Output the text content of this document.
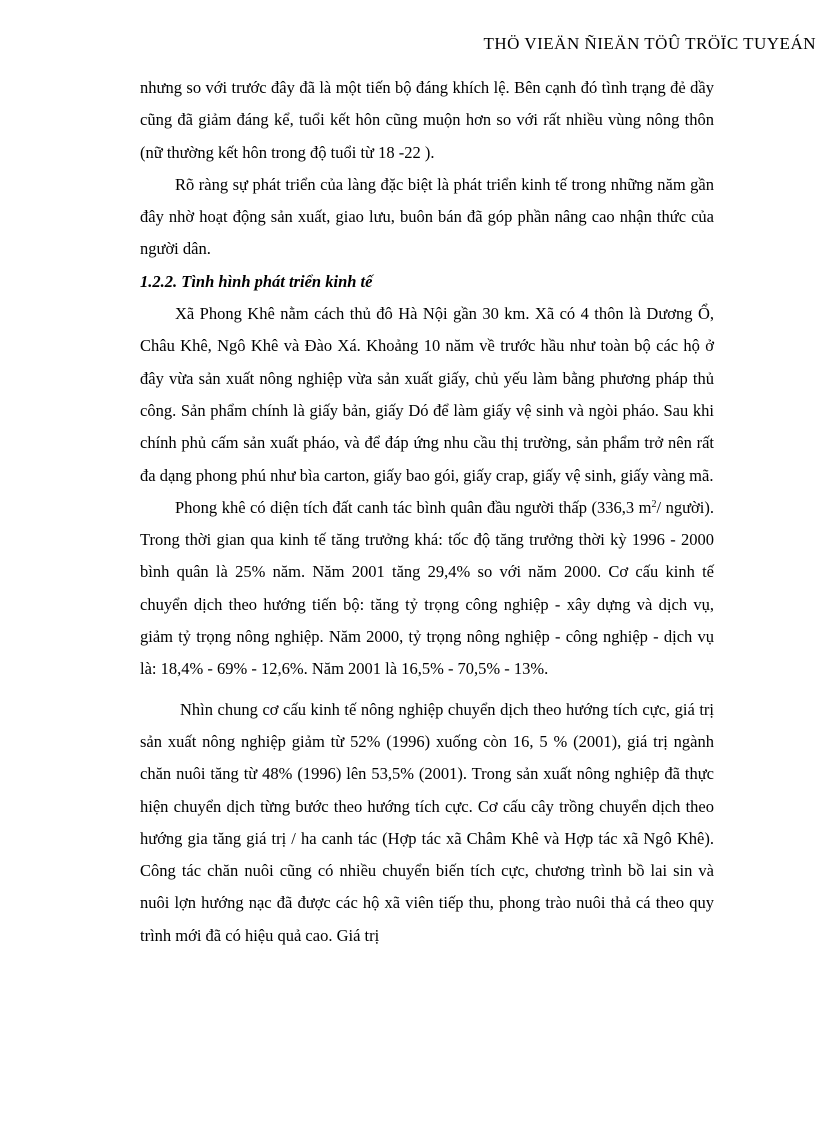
THÖ VIEÄN ÑIEÄN TÖÛ TRÖÏC TUYEÁN

nhưng so với trước đây đã là một tiến bộ đáng khích lệ. Bên cạnh đó tình trạng đẻ dầy cũng đã giảm đáng kể, tuổi kết hôn cũng muộn hơn so với rất nhiều vùng nông thôn (nữ thường kết hôn trong độ tuổi từ 18 -22 ).

Rõ ràng sự phát triển của làng đặc biệt là phát triển kinh tế trong những năm gần đây nhờ hoạt động sản xuất, giao lưu, buôn bán đã góp phần nâng cao nhận thức của người dân.

1.2.2. Tình hình phát triển kinh tế

Xã Phong Khê nằm cách thủ đô Hà Nội gần 30 km. Xã có 4 thôn là Dương Ổ, Châu Khê, Ngô Khê và Đào Xá. Khoảng 10 năm về trước hầu như toàn bộ các hộ ở đây vừa sản xuất nông nghiệp vừa sản xuất giấy, chủ yếu làm bằng phương pháp thủ công. Sản phẩm chính là giấy bản, giấy Dó để làm giấy vệ sinh và ngòi pháo. Sau khi chính phủ cấm sản xuất pháo, và để đáp ứng nhu cầu thị trường, sản phẩm trở nên rất đa dạng phong phú như bìa carton, giấy bao gói, giấy crap, giấy vệ sinh, giấy vàng mã.

Phong khê có diện tích đất canh tác bình quân đầu người thấp (336,3 $m^2/$ người). Trong thời gian qua kinh tế tăng trưởng khá: tốc độ tăng trưởng thời kỳ 1996 - 2000 bình quân là 25% năm. Năm 2001 tăng 29,4% so với năm 2000. Cơ cấu kinh tế chuyển dịch theo hướng tiến bộ: tăng tỷ trọng công nghiệp - xây dựng và dịch vụ, giảm tỷ trọng nông nghiệp. Năm 2000, tỷ trọng nông nghiệp - công nghiệp - dịch vụ là: 18,4% - 69% - 12,6%. Năm 2001 là 16,5% - 70,5% - 13%.

Nhìn chung cơ cấu kinh tế nông nghiệp chuyển dịch theo hướng tích cực, giá trị sản xuất nông nghiệp giảm từ 52% (1996) xuống còn 16, 5 % (2001), giá trị ngành chăn nuôi tăng từ 48% (1996) lên 53,5% (2001). Trong sản xuất nông nghiệp đã thực hiện chuyển dịch từng bước theo hướng tích cực. Cơ cấu cây trồng chuyển dịch theo hướng gia tăng giá trị / ha canh tác (Hợp tác xã Châm Khê và Hợp tác xã Ngô Khê). Công tác chăn nuôi cũng có nhiều chuyển biến tích cực, chương trình bồ lai sin và nuôi lợn hướng nạc đã được các hộ xã viên tiếp thu, phong trào nuôi thả cá theo quy trình mới đã có hiệu quả cao. Giá trị
